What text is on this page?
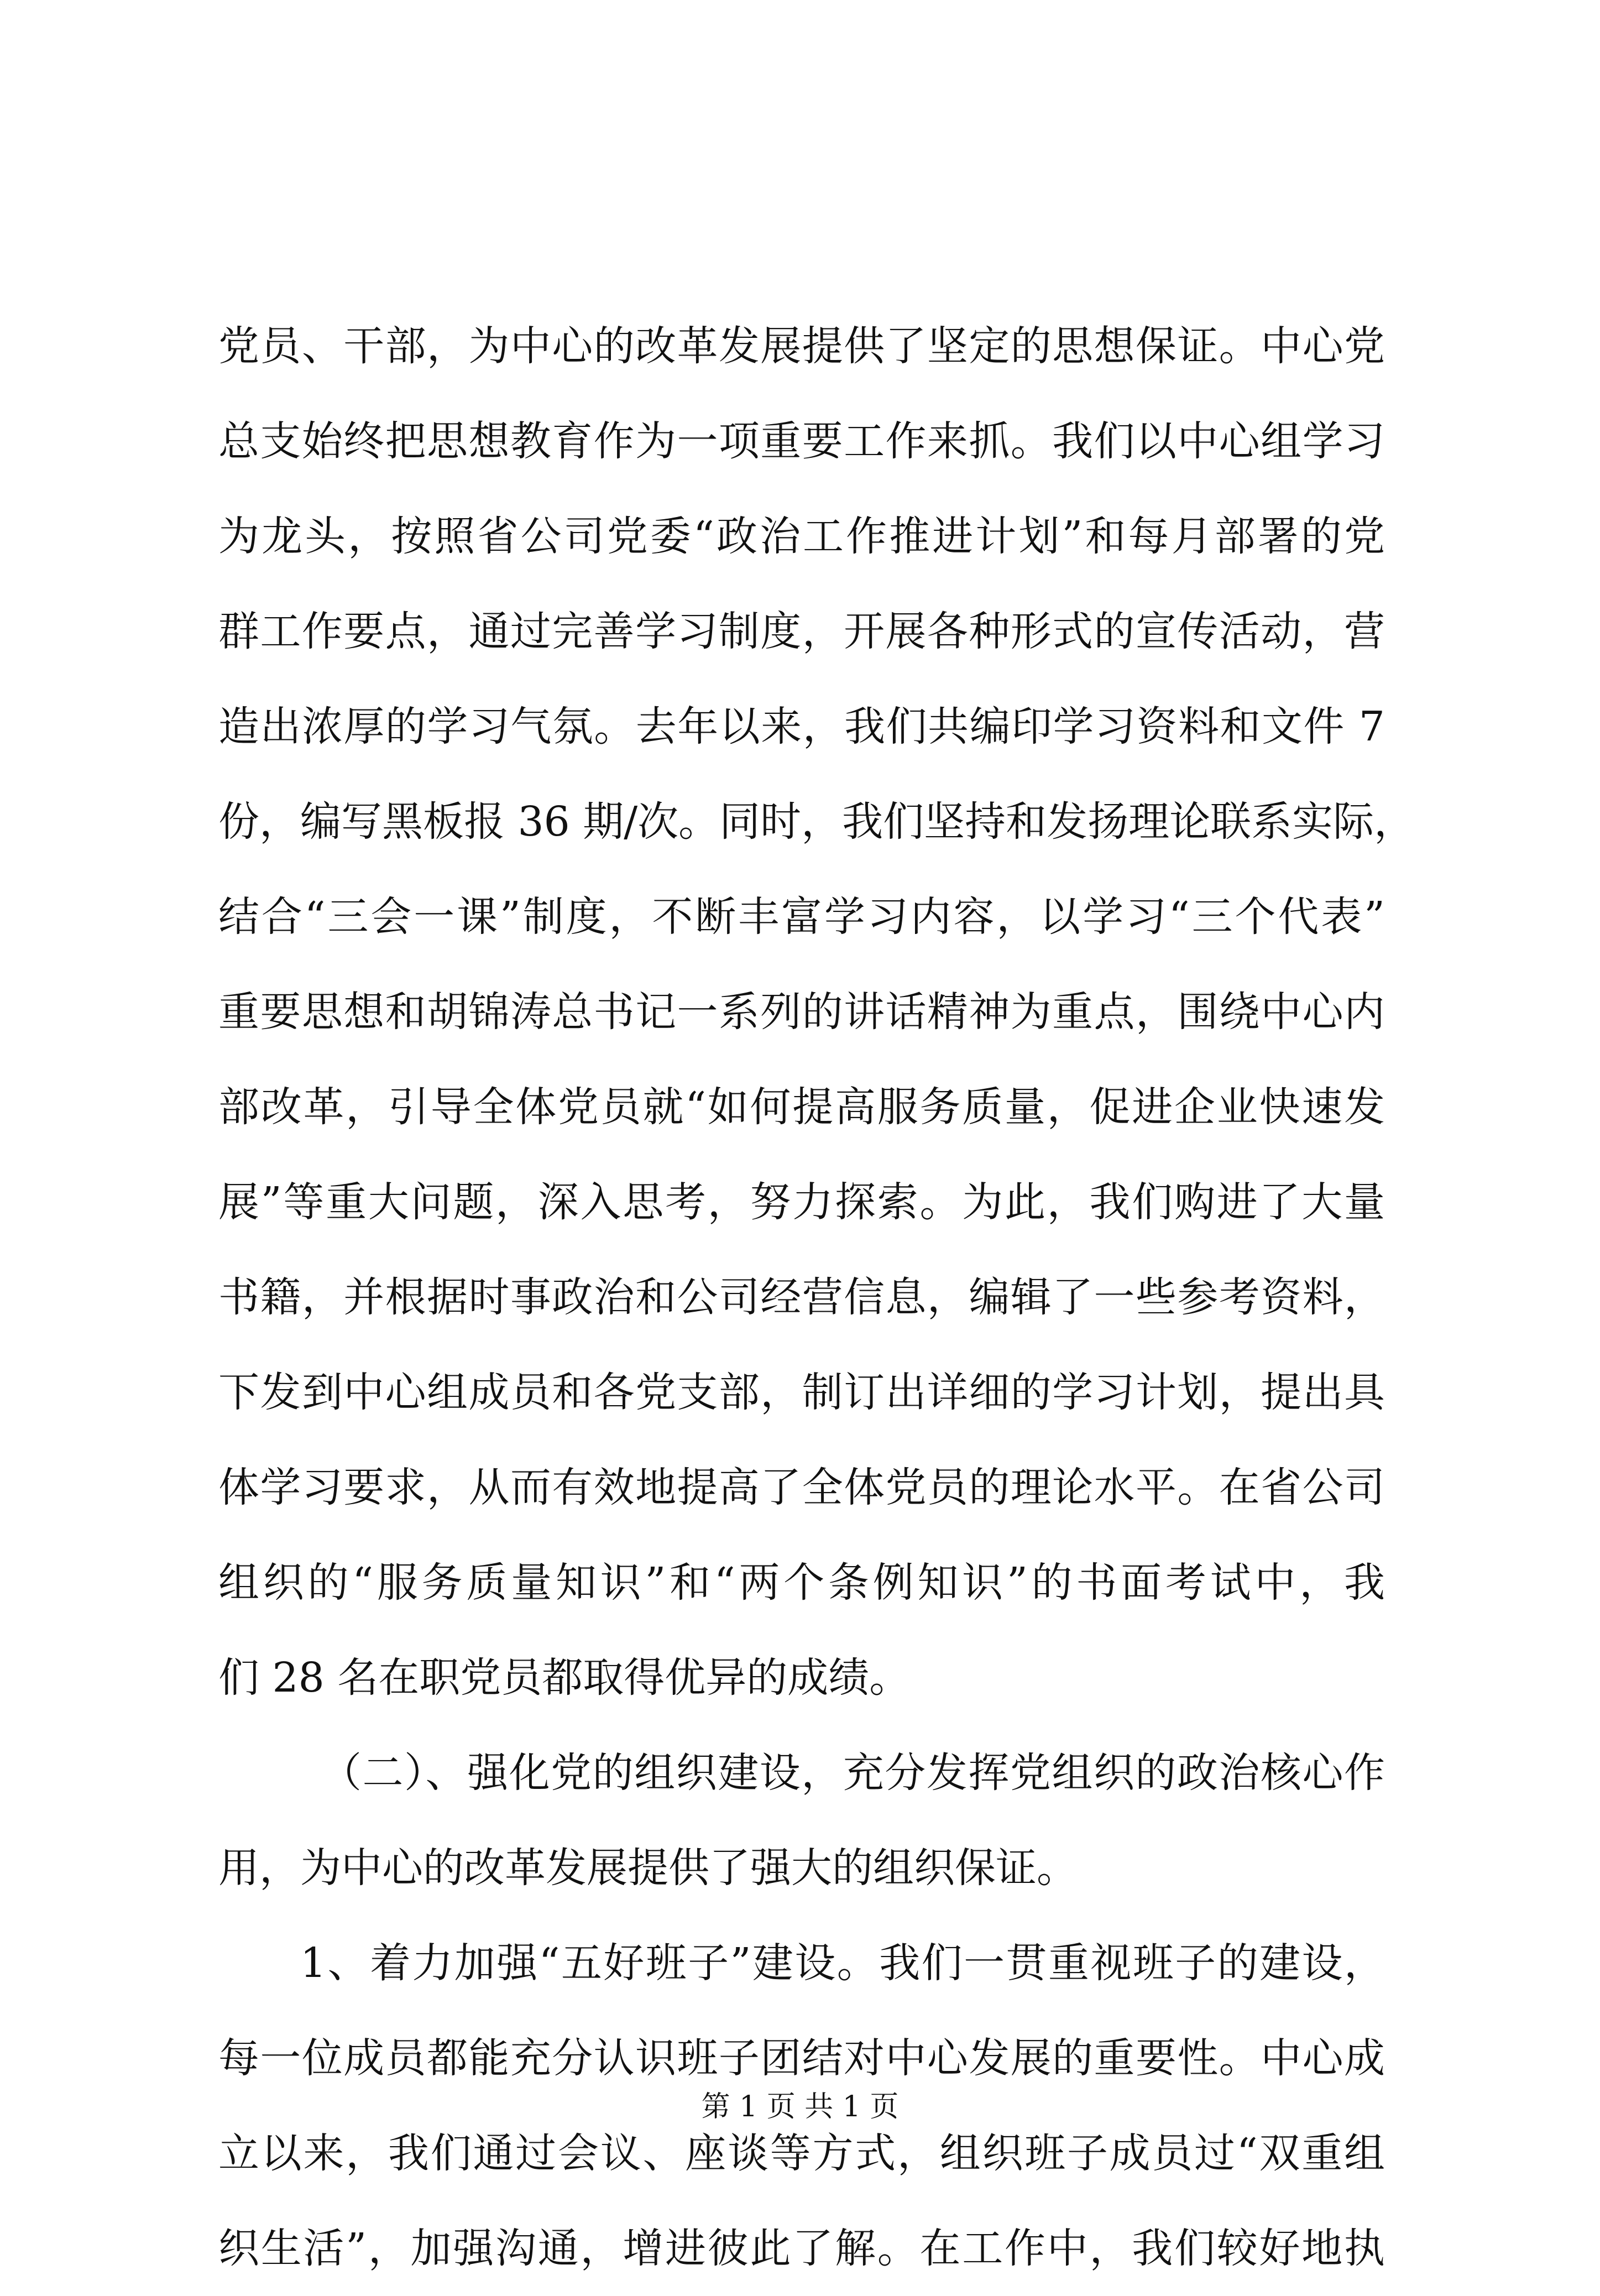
党员、干部，为中心的改革发展提供了坚定的思想保证。中心党
总支始终把思想教育作为一项重要工作来抓。我们以中心组学习
为龙头，按照省公司党委“政治工作推进计划”和每月部署的党
群工作要点，通过完善学习制度，开展各种形式的宣传活动，营
造出浓厚的学习气氛。去年以来，我们共编印学习资料和文件 7
份，编写黑板报 36 期/次。同时，我们坚持和发扬理论联系实际，
结合“三会一课”制度，不断丰富学习内容，以学习“三个代表”
重要思想和胡锦涛总书记一系列的讲话精神为重点，围绕中心内
部改革，引导全体党员就“如何提高服务质量，促进企业快速发
展”等重大问题，深入思考，努力探索。为此，我们购进了大量
书籍，并根据时事政治和公司经营信息，编辑了一些参考资料，
下发到中心组成员和各党支部，制订出详细的学习计划，提出具
体学习要求，从而有效地提高了全体党员的理论水平。在省公司
组织的“服务质量知识”和“两个条例知识”的书面考试中，我
们 28 名在职党员都取得优异的成绩。
（二）、强化党的组织建设，充分发挥党组织的政治核心作
用，为中心的改革发展提供了强大的组织保证。
1、着力加强“五好班子”建设。我们一贯重视班子的建设，
每一位成员都能充分认识班子团结对中心发展的重要性。中心成
立以来，我们通过会议、座谈等方式，组织班子成员过“双重组
织生活”，加强沟通，增进彼此了解。在工作中，我们较好地执
第 1 页 共 1 页
